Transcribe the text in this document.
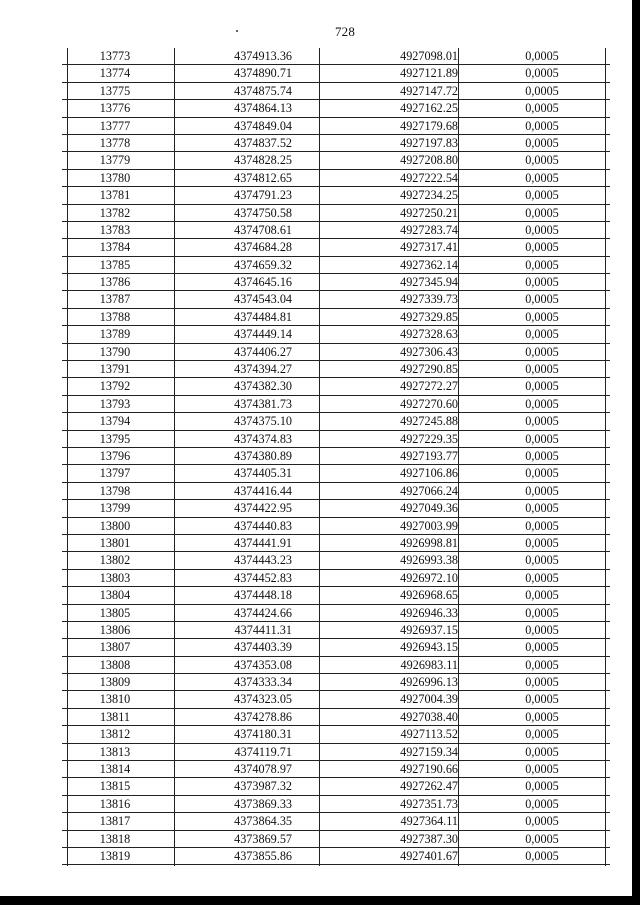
728
13773	4374913.36	4927098.01	0,0005
13774	4374890.71	4927121.89	0,0005
13775	4374875.74	4927147.72	0,0005
13776	4374864.13	4927162.25	0,0005
13777	4374849.04	4927179.68	0,0005
13778	4374837.52	4927197.83	0,0005
13779	4374828.25	4927208.80	0,0005
13780	4374812.65	4927222.54	0,0005
13781	4374791.23	4927234.25	0,0005
13782	4374750.58	4927250.21	0,0005
13783	4374708.61	4927283.74	0,0005
13784	4374684.28	4927317.41	0,0005
13785	4374659.32	4927362.14	0,0005
13786	4374645.16	4927345.94	0,0005
13787	4374543.04	4927339.73	0,0005
13788	4374484.81	4927329.85	0,0005
13789	4374449.14	4927328.63	0,0005
13790	4374406.27	4927306.43	0,0005
13791	4374394.27	4927290.85	0,0005
13792	4374382.30	4927272.27	0,0005
13793	4374381.73	4927270.60	0,0005
13794	4374375.10	4927245.88	0,0005
13795	4374374.83	4927229.35	0,0005
13796	4374380.89	4927193.77	0,0005
13797	4374405.31	4927106.86	0,0005
13798	4374416.44	4927066.24	0,0005
13799	4374422.95	4927049.36	0,0005
13800	4374440.83	4927003.99	0,0005
13801	4374441.91	4926998.81	0,0005
13802	4374443.23	4926993.38	0,0005
13803	4374452.83	4926972.10	0,0005
13804	4374448.18	4926968.65	0,0005
13805	4374424.66	4926946.33	0,0005
13806	4374411.31	4926937.15	0,0005
13807	4374403.39	4926943.15	0,0005
13808	4374353.08	4926983.11	0,0005
13809	4374333.34	4926996.13	0,0005
13810	4374323.05	4927004.39	0,0005
13811	4374278.86	4927038.40	0,0005
13812	4374180.31	4927113.52	0,0005
13813	4374119.71	4927159.34	0,0005
13814	4374078.97	4927190.66	0,0005
13815	4373987.32	4927262.47	0,0005
13816	4373869.33	4927351.73	0,0005
13817	4373864.35	4927364.11	0,0005
13818	4373869.57	4927387.30	0,0005
13819	4373855.86	4927401.67	0,0005
